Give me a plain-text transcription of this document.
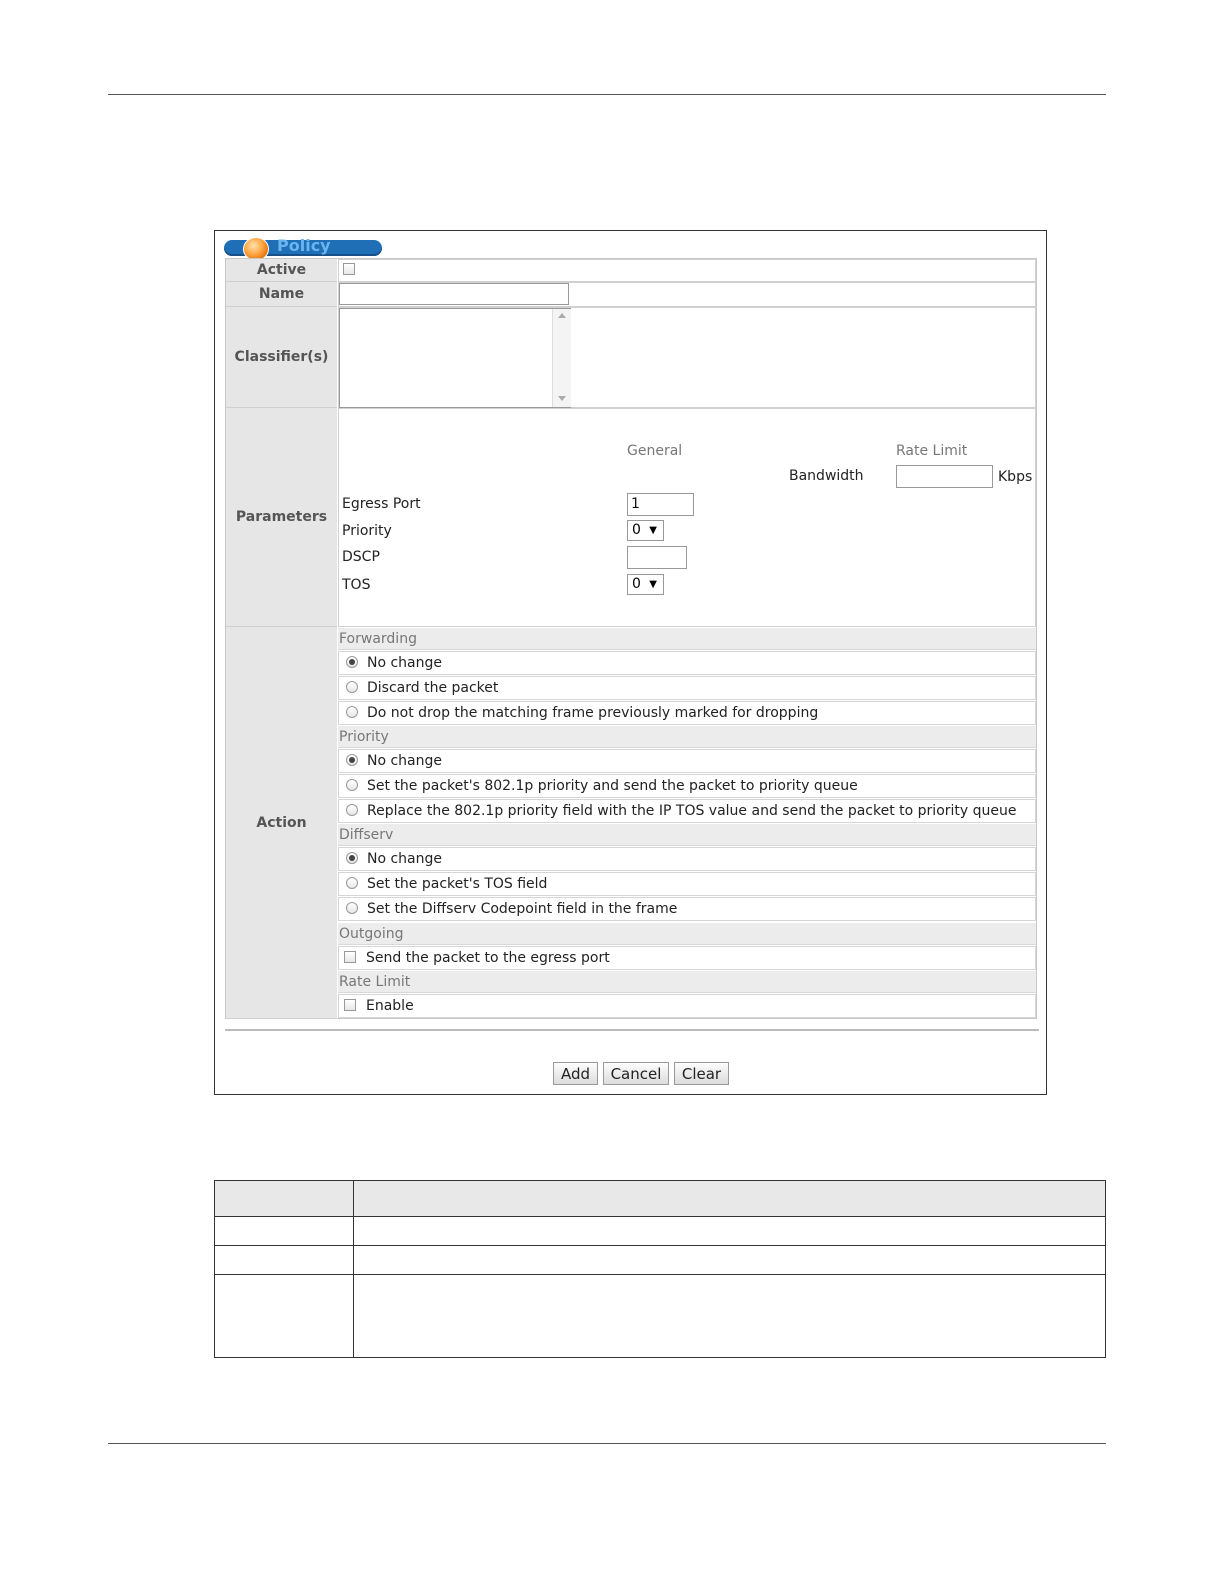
Policy
Active
Name
Classifier(s)
Parameters
General	Rate Limit
Bandwidth	Kbps
Egress Port	1
Priority	0 ▼
DSCP
TOS	0 ▼
Action
Forwarding
No change
Discard the packet
Do not drop the matching frame previously marked for dropping
Priority
No change
Set the packet's 802.1p priority and send the packet to priority queue
Replace the 802.1p priority field with the IP TOS value and send the packet to priority queue
Diffserv
No change
Set the packet's TOS field
Set the Diffserv Codepoint field in the frame
Outgoing
Send the packet to the egress port
Rate Limit
Enable
Add	Cancel	Clear
